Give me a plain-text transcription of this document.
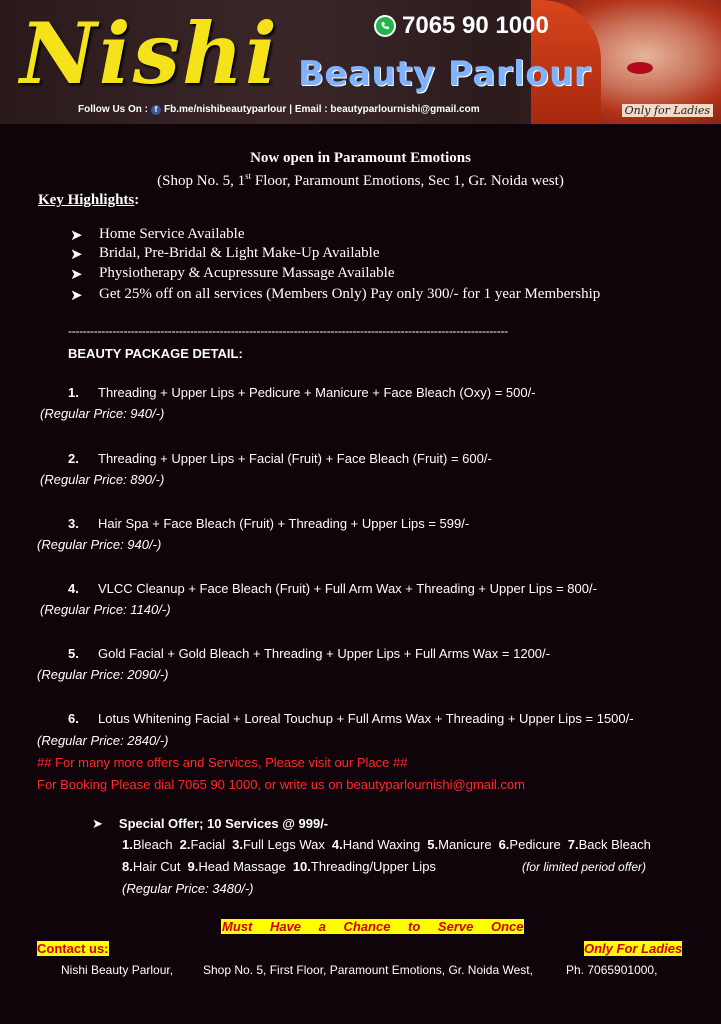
Nishi	7065 90 1000
Beauty Parlour
Follow Us On : f Fb.me/nishibeautyparlour | Email : beautyparlournishi@gmail.com	Only for Ladies
Now open in Paramount Emotions
(Shop No. 5, 1st Floor, Paramount Emotions, Sec 1, Gr. Noida west)
Key Highlights:
➤ Home Service Available
➤ Bridal, Pre-Bridal & Light Make-Up Available
➤ Physiotherapy & Acupressure Massage Available
➤ Get 25% off on all services (Members Only) Pay only 300/- for 1 year Membership
-----------------------------------------------------------------------------------------------------------------------
BEAUTY PACKAGE DETAIL:
1. Threading + Upper Lips + Pedicure + Manicure + Face Bleach (Oxy) = 500/-
(Regular Price: 940/-)
2. Threading + Upper Lips + Facial (Fruit) + Face Bleach (Fruit) = 600/-
(Regular Price: 890/-)
3. Hair Spa + Face Bleach (Fruit) + Threading + Upper Lips = 599/-
(Regular Price: 940/-)
4. VLCC Cleanup + Face Bleach (Fruit) + Full Arm Wax + Threading + Upper Lips = 800/-
(Regular Price: 1140/-)
5. Gold Facial + Gold Bleach + Threading + Upper Lips + Full Arms Wax = 1200/-
(Regular Price: 2090/-)
6. Lotus Whitening Facial + Loreal Touchup + Full Arms Wax + Threading + Upper Lips = 1500/-
(Regular Price: 2840/-)
## For many more offers and Services, Please visit our Place ##
For Booking Please dial 7065 90 1000, or write us on beautyparlournishi@gmail.com
➤ Special Offer; 10 Services @ 999/-
1.Bleach 2.Facial 3.Full Legs Wax 4.Hand Waxing 5.Manicure 6.Pedicure 7.Back Bleach
8.Hair Cut 9.Head Massage 10.Threading/Upper Lips	(for limited period offer)
(Regular Price: 3480/-)
Must Have a Chance to Serve Once
Contact us:	Only For Ladies
Nishi Beauty Parlour, Shop No. 5, First Floor, Paramount Emotions, Gr. Noida West,	Ph. 7065901000,
